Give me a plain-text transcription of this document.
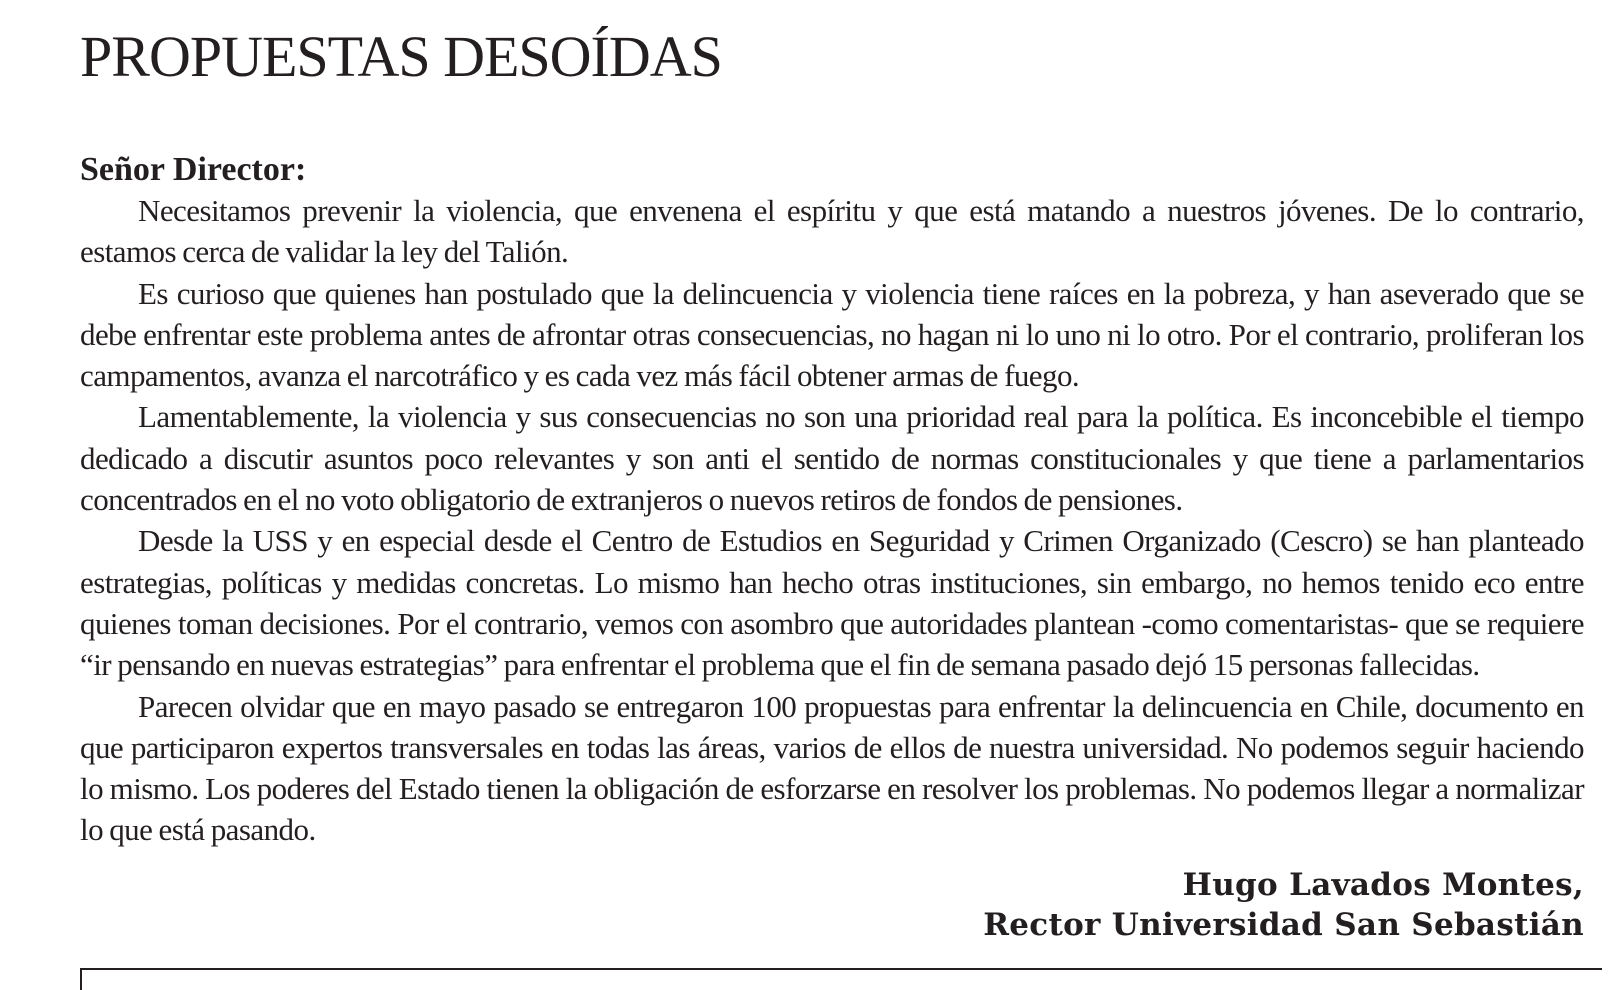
PROPUESTAS DESOÍDAS
Señor Director:

Necesitamos prevenir la violencia, que envenena el espíritu y que está matando a nuestros jóvenes. De lo contrario, estamos cerca de validar la ley del Talión.

Es curioso que quienes han postulado que la delincuencia y violencia tiene raíces en la pobreza, y han aseverado que se debe enfrentar este problema antes de afrontar otras consecuencias, no hagan ni lo uno ni lo otro. Por el contrario, proliferan los campamentos, avanza el narcotráfico y es cada vez más fácil obtener armas de fuego.

Lamentablemente, la violencia y sus consecuencias no son una prioridad real para la política. Es inconcebible el tiempo dedicado a discutir asuntos poco relevantes y son anti el sentido de normas constitucionales y que tiene a parlamentarios concentrados en el no voto obligatorio de extranjeros o nuevos retiros de fondos de pensiones.

Desde la USS y en especial desde el Centro de Estudios en Seguridad y Crimen Organizado (Cescro) se han planteado estrategias, políticas y medidas concretas. Lo mismo han hecho otras instituciones, sin embargo, no hemos tenido eco entre quienes toman decisiones. Por el contrario, vemos con asombro que autoridades plantean -como comentaristas- que se requiere “ir pensando en nuevas estrategias” para enfrentar el problema que el fin de semana pasado dejó 15 personas fallecidas.

Parecen olvidar que en mayo pasado se entregaron 100 propuestas para enfrentar la delincuencia en Chile, documento en que participaron expertos transversales en todas las áreas, varios de ellos de nuestra universidad. No podemos seguir haciendo lo mismo. Los poderes del Estado tienen la obligación de esforzarse en resolver los problemas. No podemos llegar a normalizar lo que está pasando.

Hugo Lavados Montes,
Rector Universidad San Sebastián
